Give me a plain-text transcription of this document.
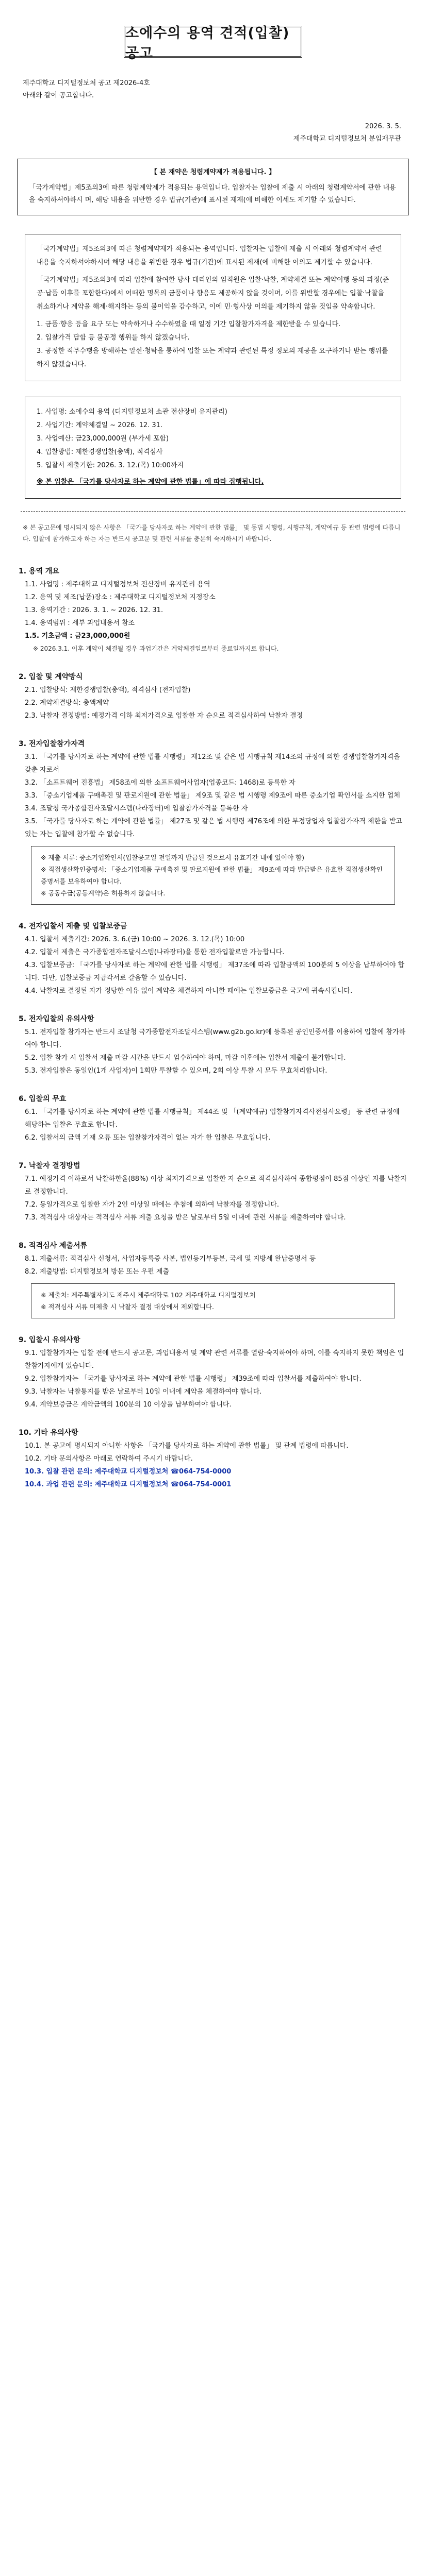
소에수의 용역 견적(입찰)공고
제주대학교 디지털정보처 공고 제2026-4호
아래와 같이 공고합니다.
2026. 3. 5.
제주대학교 디지털정보처 분임재무관
【 본 재약은 청렴계약제가 적용됩니다. 】
「국가계약법」제5조의3에 따른 청렴계약제가 적용되는 용역입니다. 입찰자는 입찰에 제출 시 아래의 청렴계약서에 관한 내용을 숙지하셔야하시 며, 해당 내용을 위반한 경우 법규(기관)에 표시된 제재(에 비해한 이세도 제기할 수 있습니다.
「국가계약법」제5조의3에 따른 청렴계약제가 적용되는 용역입니다. 입찰자는 입찰에 제출 시 아래와 청렴계약서 관련 내용을 숙지하셔야하시며 해당 내용을 위반한 경우 법규(기관)에 표시된 제재(에 비해한 이의도 제기할 수 있습니다.
「국가계약법」제5조의3에 따라 입찰에 참여한 당사 대리인의 임직원은 입찰·낙찰, 계약체결 또는 계약이행 등의 과정(준공·납품 이후를 포함한다)에서 어떠한 명목의 금품이나 향응도 제공하지 않을 것이며, 이를 위반할 경우에는 입찰·낙찰을 취소하거나 계약을 해제·해지하는 등의 불이익을 감수하고, 이에 민·형사상 이의를 제기하지 않을 것임을 약속합니다.
1. 금품·향응 등을 요구 또는 약속하거나 수수하였을 때 일정 기간 입찰참가자격을 제한받을 수 있습니다.
2. 입찰가격 담합 등 불공정 행위를 하지 않겠습니다.
3. 공정한 직무수행을 방해하는 알선·청탁을 통하여 입찰 또는 계약과 관련된 특정 정보의 제공을 요구하거나 받는 행위를 하지 않겠습니다.
1. 사업명: 소에수의 용역 (디지털정보처 소관 전산장비 유지관리)
2. 사업기간: 계약체결일 ~ 2026. 12. 31.
3. 사업예산: 금23,000,000원 (부가세 포함)
4. 입찰방법: 제한경쟁입찰(총액), 적격심사
5. 입찰서 제출기한: 2026. 3. 12.(목) 10:00까지
※ 본 입찰은 「국가를 당사자로 하는 계약에 관한 법률」에 따라 집행됩니다.
※ 본 공고문에 명시되지 않은 사항은 「국가를 당사자로 하는 계약에 관한 법률」 및 동법 시행령, 시행규칙, 계약예규 등 관련 법령에 따릅니다. 입찰에 참가하고자 하는 자는 반드시 공고문 및 관련 서류를 충분히 숙지하시기 바랍니다.
1. 용역 개요
1.1. 사업명 : 제주대학교 디지털정보처 전산장비 유지관리 용역
1.2. 용역 및 제조(납품)장소 : 제주대학교 디지털정보처 지정장소
1.3. 용역기간 : 2026. 3. 1. ~ 2026. 12. 31.
1.4. 용역범위 : 세부 과업내용서 참조
1.5. 기초금액 : 금23,000,000원
※ 2026.3.1. 이후 계약이 체결될 경우 과업기간은 계약체결일로부터 종료일까지로 합니다.
2. 입찰 및 계약방식
2.1. 입찰방식: 제한경쟁입찰(총액), 적격심사 (전자입찰)
2.2. 계약체결방식: 총액계약
2.3. 낙찰자 결정방법: 예정가격 이하 최저가격으로 입찰한 자 순으로 적격심사하여 낙찰자 결정
3. 전자입찰참가자격
3.1. 「국가를 당사자로 하는 계약에 관한 법률 시행령」 제12조 및 같은 법 시행규칙 제14조의 규정에 의한 경쟁입찰참가자격을 갖춘 자로서
3.2. 「소프트웨어 진흥법」 제58조에 의한 소프트웨어사업자(업종코드: 1468)로 등록한 자
3.3. 「중소기업제품 구매촉진 및 판로지원에 관한 법률」 제9조 및 같은 법 시행령 제9조에 따른 중소기업 확인서를 소지한 업체
3.4. 조달청 국가종합전자조달시스템(나라장터)에 입찰참가자격을 등록한 자
3.5. 「국가를 당사자로 하는 계약에 관한 법률」 제27조 및 같은 법 시행령 제76조에 의한 부정당업자 입찰참가자격 제한을 받고 있는 자는 입찰에 참가할 수 없습니다.
※ 제출 서류: 중소기업확인서(입찰공고일 전일까지 발급된 것으로서 유효기간 내에 있어야 함)
※ 직접생산확인증명서: 「중소기업제품 구매촉진 및 판로지원에 관한 법률」 제9조에 따라 발급받은 유효한 직접생산확인증명서를 보유하여야 합니다.
※ 공동수급(공동계약)은 허용하지 않습니다.
4. 전자입찰서 제출 및 입찰보증금
4.1. 입찰서 제출기간: 2026. 3. 6.(금) 10:00 ~ 2026. 3. 12.(목) 10:00
4.2. 입찰서 제출은 국가종합전자조달시스템(나라장터)을 통한 전자입찰로만 가능합니다.
4.3. 입찰보증금: 「국가를 당사자로 하는 계약에 관한 법률 시행령」 제37조에 따라 입찰금액의 100분의 5 이상을 납부하여야 합니다. 다만, 입찰보증금 지급각서로 갈음할 수 있습니다.
4.4. 낙찰자로 결정된 자가 정당한 이유 없이 계약을 체결하지 아니한 때에는 입찰보증금을 국고에 귀속시킵니다.
5. 전자입찰의 유의사항
5.1. 전자입찰 참가자는 반드시 조달청 국가종합전자조달시스템(www.g2b.go.kr)에 등록된 공인인증서를 이용하여 입찰에 참가하여야 합니다.
5.2. 입찰 참가 시 입찰서 제출 마감 시간을 반드시 엄수하여야 하며, 마감 이후에는 입찰서 제출이 불가합니다.
5.3. 전자입찰은 동일인(1개 사업자)이 1회만 투찰할 수 있으며, 2회 이상 투찰 시 모두 무효처리합니다.
6. 입찰의 무효
6.1. 「국가를 당사자로 하는 계약에 관한 법률 시행규칙」 제44조 및 「(계약예규) 입찰참가자격사전심사요령」 등 관련 규정에 해당하는 입찰은 무효로 합니다.
6.2. 입찰서의 금액 기재 오류 또는 입찰참가자격이 없는 자가 한 입찰은 무효입니다.
7. 낙찰자 결정방법
7.1. 예정가격 이하로서 낙찰하한율(88%) 이상 최저가격으로 입찰한 자 순으로 적격심사하여 종합평점이 85점 이상인 자를 낙찰자로 결정합니다.
7.2. 동일가격으로 입찰한 자가 2인 이상일 때에는 추첨에 의하여 낙찰자를 결정합니다.
7.3. 적격심사 대상자는 적격심사 서류 제출 요청을 받은 날로부터 5일 이내에 관련 서류를 제출하여야 합니다.
8. 적격심사 제출서류
8.1. 제출서류: 적격심사 신청서, 사업자등록증 사본, 법인등기부등본, 국세 및 지방세 완납증명서 등
8.2. 제출방법: 디지털정보처 방문 또는 우편 제출
※ 제출처: 제주특별자치도 제주시 제주대학로 102 제주대학교 디지털정보처
※ 적격심사 서류 미제출 시 낙찰자 결정 대상에서 제외합니다.
9. 입찰시 유의사항
9.1. 입찰참가자는 입찰 전에 반드시 공고문, 과업내용서 및 계약 관련 서류를 열람·숙지하여야 하며, 이를 숙지하지 못한 책임은 입찰참가자에게 있습니다.
9.2. 입찰참가자는 「국가를 당사자로 하는 계약에 관한 법률 시행령」 제39조에 따라 입찰서를 제출하여야 합니다.
9.3. 낙찰자는 낙찰통지를 받은 날로부터 10일 이내에 계약을 체결하여야 합니다.
9.4. 계약보증금은 계약금액의 100분의 10 이상을 납부하여야 합니다.
10. 기타 유의사항
10.1. 본 공고에 명시되지 아니한 사항은 「국가를 당사자로 하는 계약에 관한 법률」 및 관계 법령에 따릅니다.
10.2. 기타 문의사항은 아래로 연락하여 주시기 바랍니다.
10.3. 입찰 관련 문의: 제주대학교 디지털정보처 ☎064-754-0000
10.4. 과업 관련 문의: 제주대학교 디지털정보처 ☎064-754-0001
